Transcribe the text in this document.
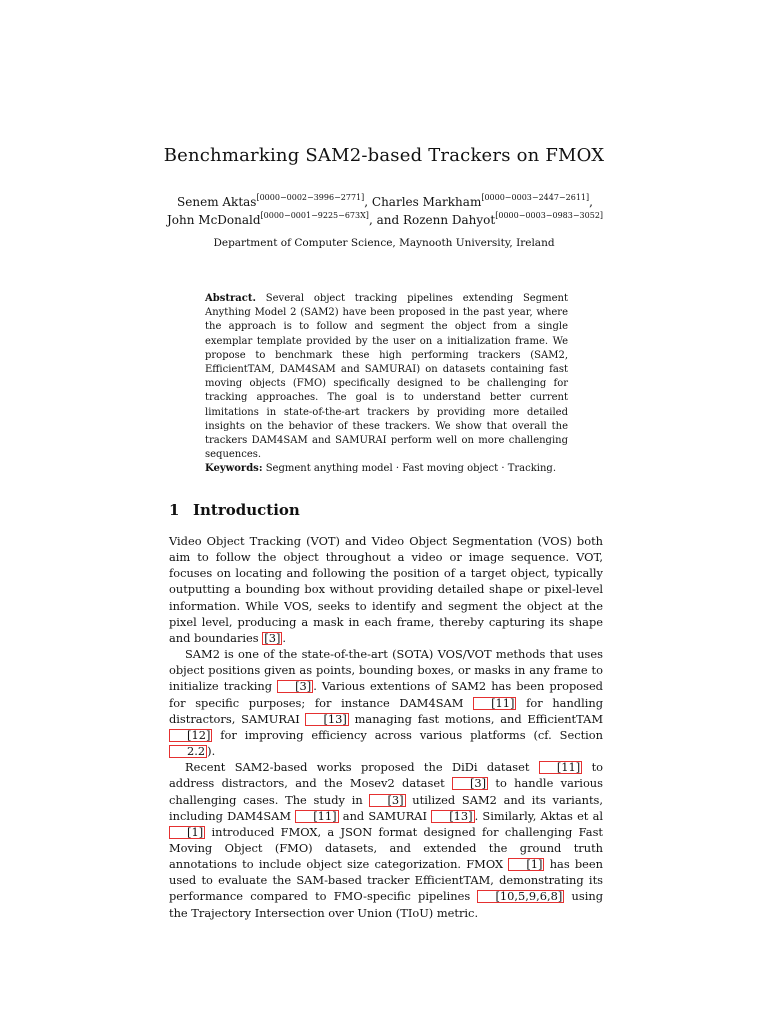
Benchmarking SAM2-based Trackers on FMOX
Senem Aktas[0000−0002−3996−2771], Charles Markham[0000−0003−2447−2611], John McDonald[0000−0001−9225−673X], and Rozenn Dahyot[0000−0003−0983−3052]
Department of Computer Science, Maynooth University, Ireland
Abstract. Several object tracking pipelines extending Segment Anything Model 2 (SAM2) have been proposed in the past year, where the approach is to follow and segment the object from a single exemplar template provided by the user on a initialization frame. We propose to benchmark these high performing trackers (SAM2, EfficientTAM, DAM4SAM and SAMURAI) on datasets containing fast moving objects (FMO) specifically designed to be challenging for tracking approaches. The goal is to understand better current limitations in state-of-the-art trackers by providing more detailed insights on the behavior of these trackers. We show that overall the trackers DAM4SAM and SAMURAI perform well on more challenging sequences.
Keywords: Segment anything model · Fast moving object · Tracking.
1 Introduction

Video Object Tracking (VOT) and Video Object Segmentation (VOS) both aim to follow the object throughout a video or image sequence. VOT, focuses on locating and following the position of a target object, typically outputting a bounding box without providing detailed shape or pixel-level information. While VOS, seeks to identify and segment the object at the pixel level, producing a mask in each frame, thereby capturing its shape and boundaries [3] .

SAM2 is one of the state-of-the-art (SOTA) VOS/VOT methods that uses object positions given as points, bounding boxes, or masks in any frame to initialize tracking [3] . Various extentions of SAM2 has been proposed for specific purposes; for instance DAM4SAM [11] for handling distractors, SAMURAI [13] managing fast motions, and EfficientTAM [12] for improving efficiency across various platforms (cf. Section 2.2 ).

Recent SAM2-based works proposed the DiDi dataset [11] to address distractors, and the Mosev2 dataset [3] to handle various challenging cases. The study in [3] utilized SAM2 and its variants, including DAM4SAM [11] and SAMURAI [13] . Similarly, Aktas et al [1] introduced FMOX, a JSON format designed for challenging Fast Moving Object (FMO) datasets, and extended the ground truth annotations to include object size categorization. FMOX [1] has been used to evaluate the SAM-based tracker EfficientTAM, demonstrating its performance compared to FMO-specific pipelines [10,5,9,6,8] using the Trajectory Intersection over Union (TIoU) metric.
